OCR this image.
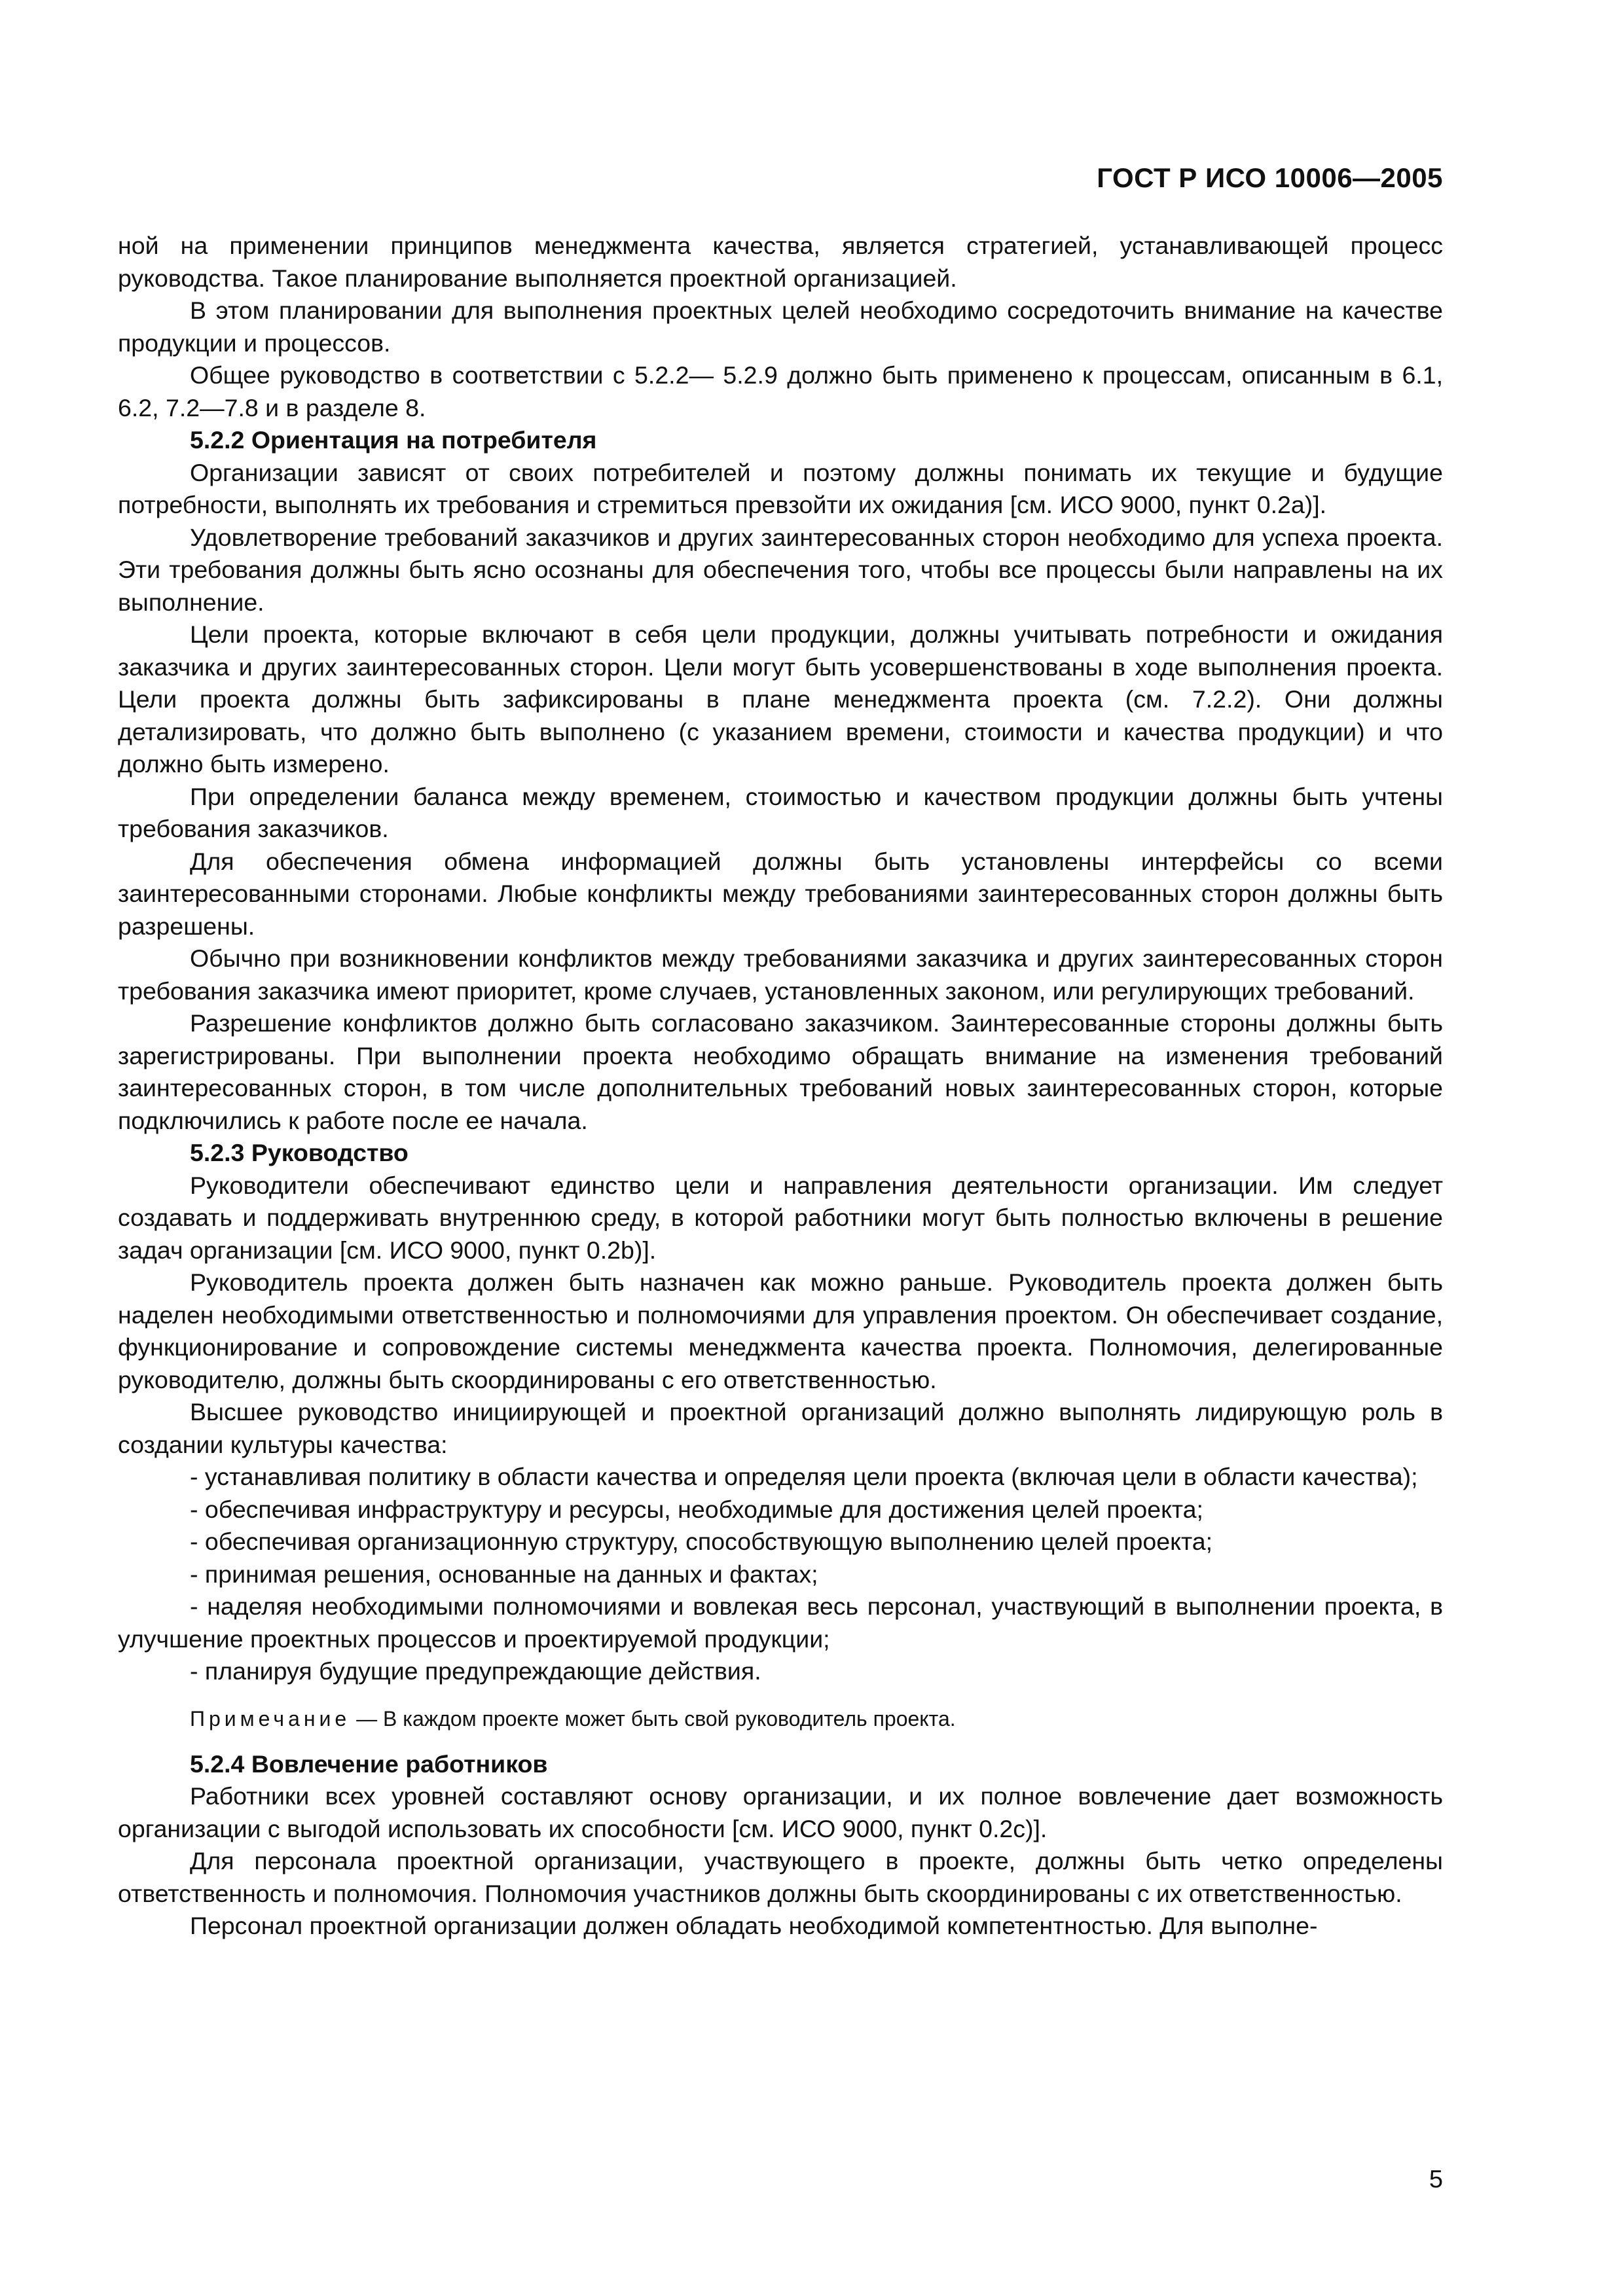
ГОСТ Р ИСО 10006—2005

ной на применении принципов менеджмента качества, является стратегией, устанавливающей процесс руководства. Такое планирование выполняется проектной организацией.

В этом планировании для выполнения проектных целей необходимо сосредоточить внимание на качестве продукции и процессов.

Общее руководство в соответствии с 5.2.2— 5.2.9 должно быть применено к процессам, описанным в 6.1, 6.2, 7.2—7.8 и в разделе 8.

5.2.2 Ориентация на потребителя

Организации зависят от своих потребителей и поэтому должны понимать их текущие и будущие потребности, выполнять их требования и стремиться превзойти их ожидания [см. ИСО 9000, пункт 0.2а)].

Удовлетворение требований заказчиков и других заинтересованных сторон необходимо для успеха проекта. Эти требования должны быть ясно осознаны для обеспечения того, чтобы все процессы были направлены на их выполнение.

Цели проекта, которые включают в себя цели продукции, должны учитывать потребности и ожидания заказчика и других заинтересованных сторон. Цели могут быть усовершенствованы в ходе выполнения проекта. Цели проекта должны быть зафиксированы в плане менеджмента проекта (см. 7.2.2). Они должны детализировать, что должно быть выполнено (с указанием времени, стоимости и качества продукции) и что должно быть измерено.

При определении баланса между временем, стоимостью и качеством продукции должны быть учтены требования заказчиков.

Для обеспечения обмена информацией должны быть установлены интерфейсы со всеми заинтересованными сторонами. Любые конфликты между требованиями заинтересованных сторон должны быть разрешены.

Обычно при возникновении конфликтов между требованиями заказчика и других заинтересованных сторон требования заказчика имеют приоритет, кроме случаев, установленных законом, или регулирующих требований.

Разрешение конфликтов должно быть согласовано заказчиком. Заинтересованные стороны должны быть зарегистрированы. При выполнении проекта необходимо обращать внимание на изменения требований заинтересованных сторон, в том числе дополнительных требований новых заинтересованных сторон, которые подключились к работе после ее начала.

5.2.3 Руководство

Руководители обеспечивают единство цели и направления деятельности организации. Им следует создавать и поддерживать внутреннюю среду, в которой работники могут быть полностью включены в решение задач организации [см. ИСО 9000, пункт 0.2b)].

Руководитель проекта должен быть назначен как можно раньше. Руководитель проекта должен быть наделен необходимыми ответственностью и полномочиями для управления проектом. Он обеспечивает создание, функционирование и сопровождение системы менеджмента качества проекта. Полномочия, делегированные руководителю, должны быть скоординированы с его ответственностью.

Высшее руководство инициирующей и проектной организаций должно выполнять лидирующую роль в создании культуры качества:

- устанавливая политику в области качества и определяя цели проекта (включая цели в области качества);
- обеспечивая инфраструктуру и ресурсы, необходимые для достижения целей проекта;
- обеспечивая организационную структуру, способствующую выполнению целей проекта;
- принимая решения, основанные на данных и фактах;
- наделяя необходимыми полномочиями и вовлекая весь персонал, участвующий в выполнении проекта, в улучшение проектных процессов и проектируемой продукции;
- планируя будущие предупреждающие действия.

Примечание — В каждом проекте может быть свой руководитель проекта.

5.2.4 Вовлечение работников

Работники всех уровней составляют основу организации, и их полное вовлечение дает возможность организации с выгодой использовать их способности [см. ИСО 9000, пункт 0.2с)].

Для персонала проектной организации, участвующего в проекте, должны быть четко определены ответственность и полномочия. Полномочия участников должны быть скоординированы с их ответственностью.

Персонал проектной организации должен обладать необходимой компетентностью. Для выполне-

5
